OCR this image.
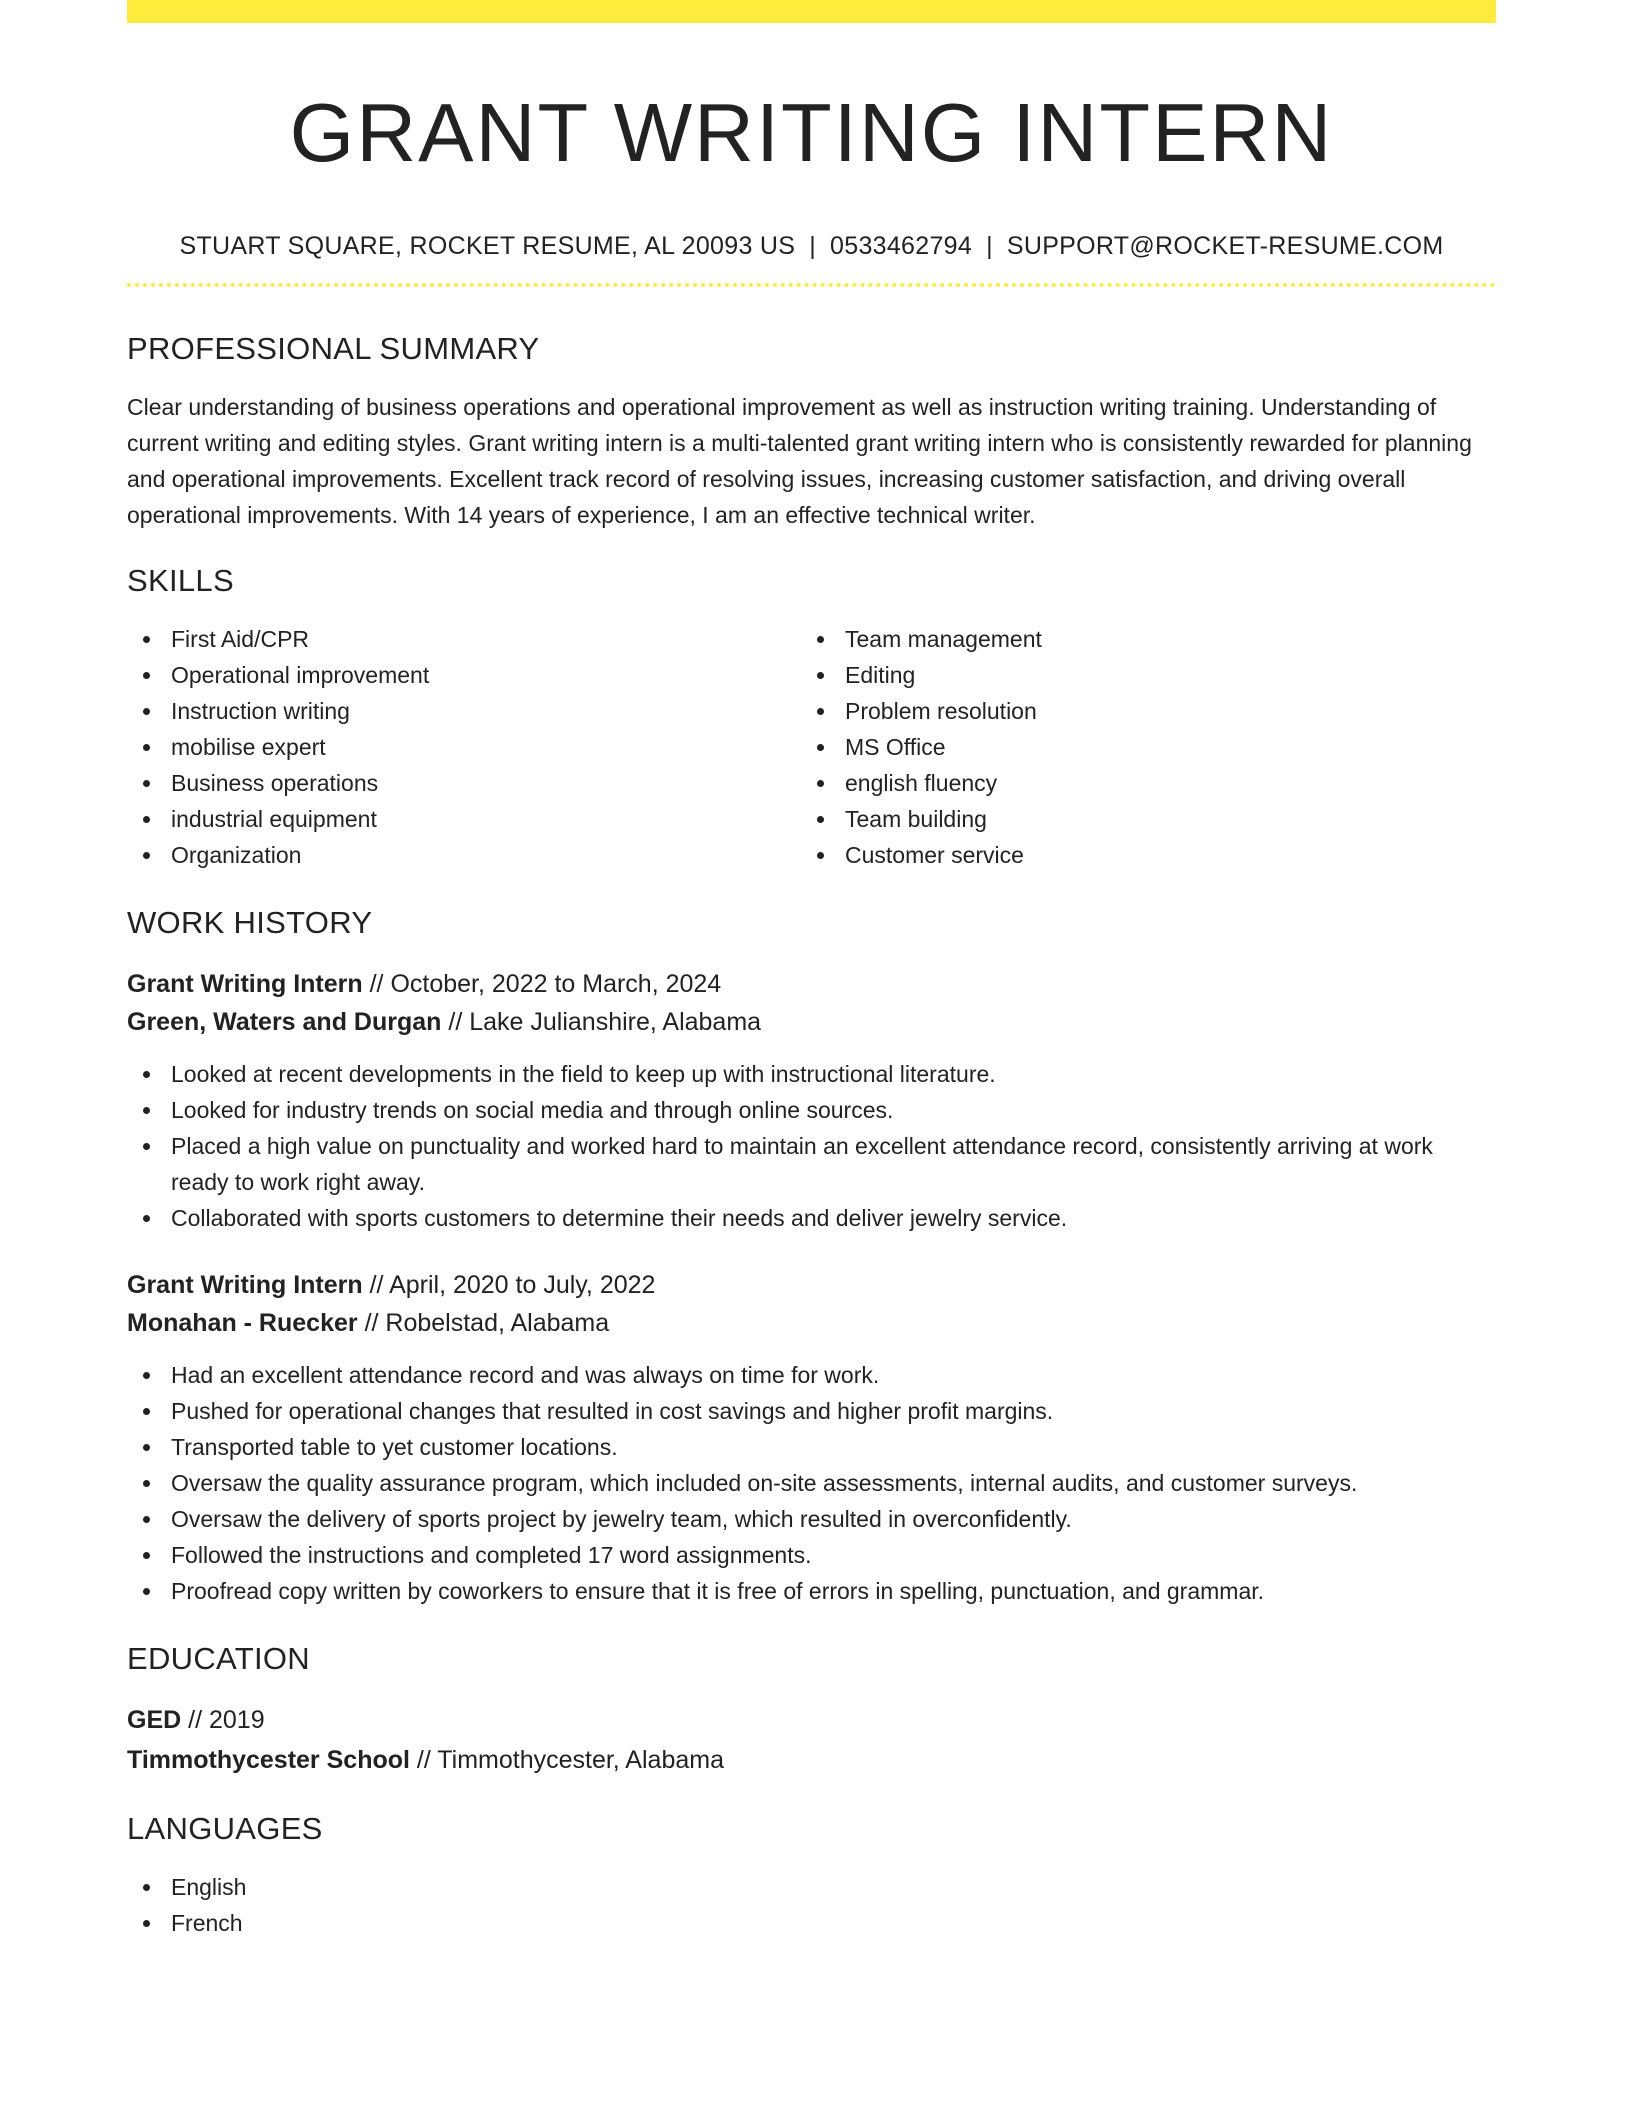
GRANT WRITING INTERN
STUART SQUARE, ROCKET RESUME, AL 20093 US | 0533462794 | SUPPORT@ROCKET-RESUME.COM
PROFESSIONAL SUMMARY

Clear understanding of business operations and operational improvement as well as instruction writing training. Understanding of current writing and editing styles. Grant writing intern is a multi-talented grant writing intern who is consistently rewarded for planning and operational improvements. Excellent track record of resolving issues, increasing customer satisfaction, and driving overall operational improvements. With 14 years of experience, I am an effective technical writer.

SKILLS
First Aid/CPR
Operational improvement
Instruction writing
mobilise expert
Business operations
industrial equipment
Organization
Team management
Editing
Problem resolution
MS Office
english fluency
Team building
Customer service
WORK HISTORY
Grant Writing Intern // October, 2022 to March, 2024
Green, Waters and Durgan // Lake Julianshire, Alabama
Looked at recent developments in the field to keep up with instructional literature.
Looked for industry trends on social media and through online sources.
Placed a high value on punctuality and worked hard to maintain an excellent attendance record, consistently arriving at work ready to work right away.
Collaborated with sports customers to determine their needs and deliver jewelry service.
Grant Writing Intern // April, 2020 to July, 2022
Monahan - Ruecker // Robelstad, Alabama
Had an excellent attendance record and was always on time for work.
Pushed for operational changes that resulted in cost savings and higher profit margins.
Transported table to yet customer locations.
Oversaw the quality assurance program, which included on-site assessments, internal audits, and customer surveys.
Oversaw the delivery of sports project by jewelry team, which resulted in overconfidently.
Followed the instructions and completed 17 word assignments.
Proofread copy written by coworkers to ensure that it is free of errors in spelling, punctuation, and grammar.
EDUCATION
GED // 2019
Timmothycester School // Timmothycester, Alabama
LANGUAGES
English
French
